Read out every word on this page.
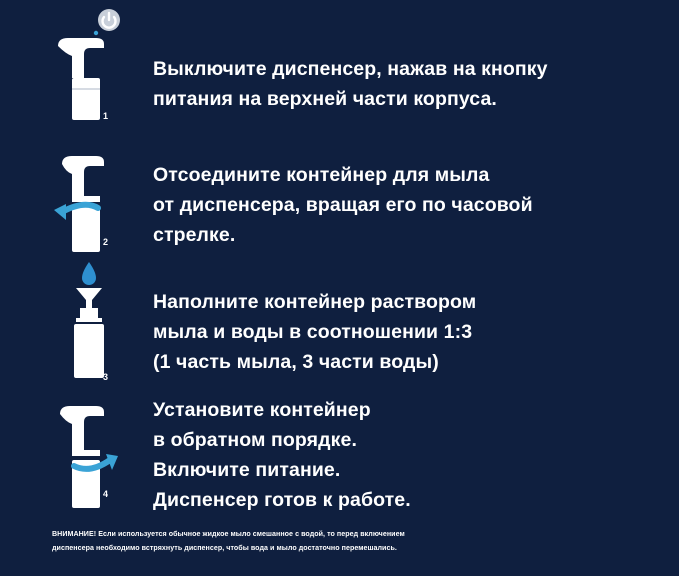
Выключите диспенсер, нажав на кнопку
питания на верхней части корпуса.
1
Отсоедините контейнер для мыла
от диспенсера, вращая его по часовой
стрелке.
2
Наполните контейнер раствором
мыла и воды в соотношении 1:3
(1 часть мыла, 3 части воды)
3
Установите контейнер
в обратном порядке.
Включите питание.
Диспенсер готов к работе.
4
ВНИМАНИЕ! Если используется обычное жидкое мыло смешанное с водой, то перед включением
диспенсера необходимо встряхнуть диспенсер, чтобы вода и мыло достаточно перемешались.
